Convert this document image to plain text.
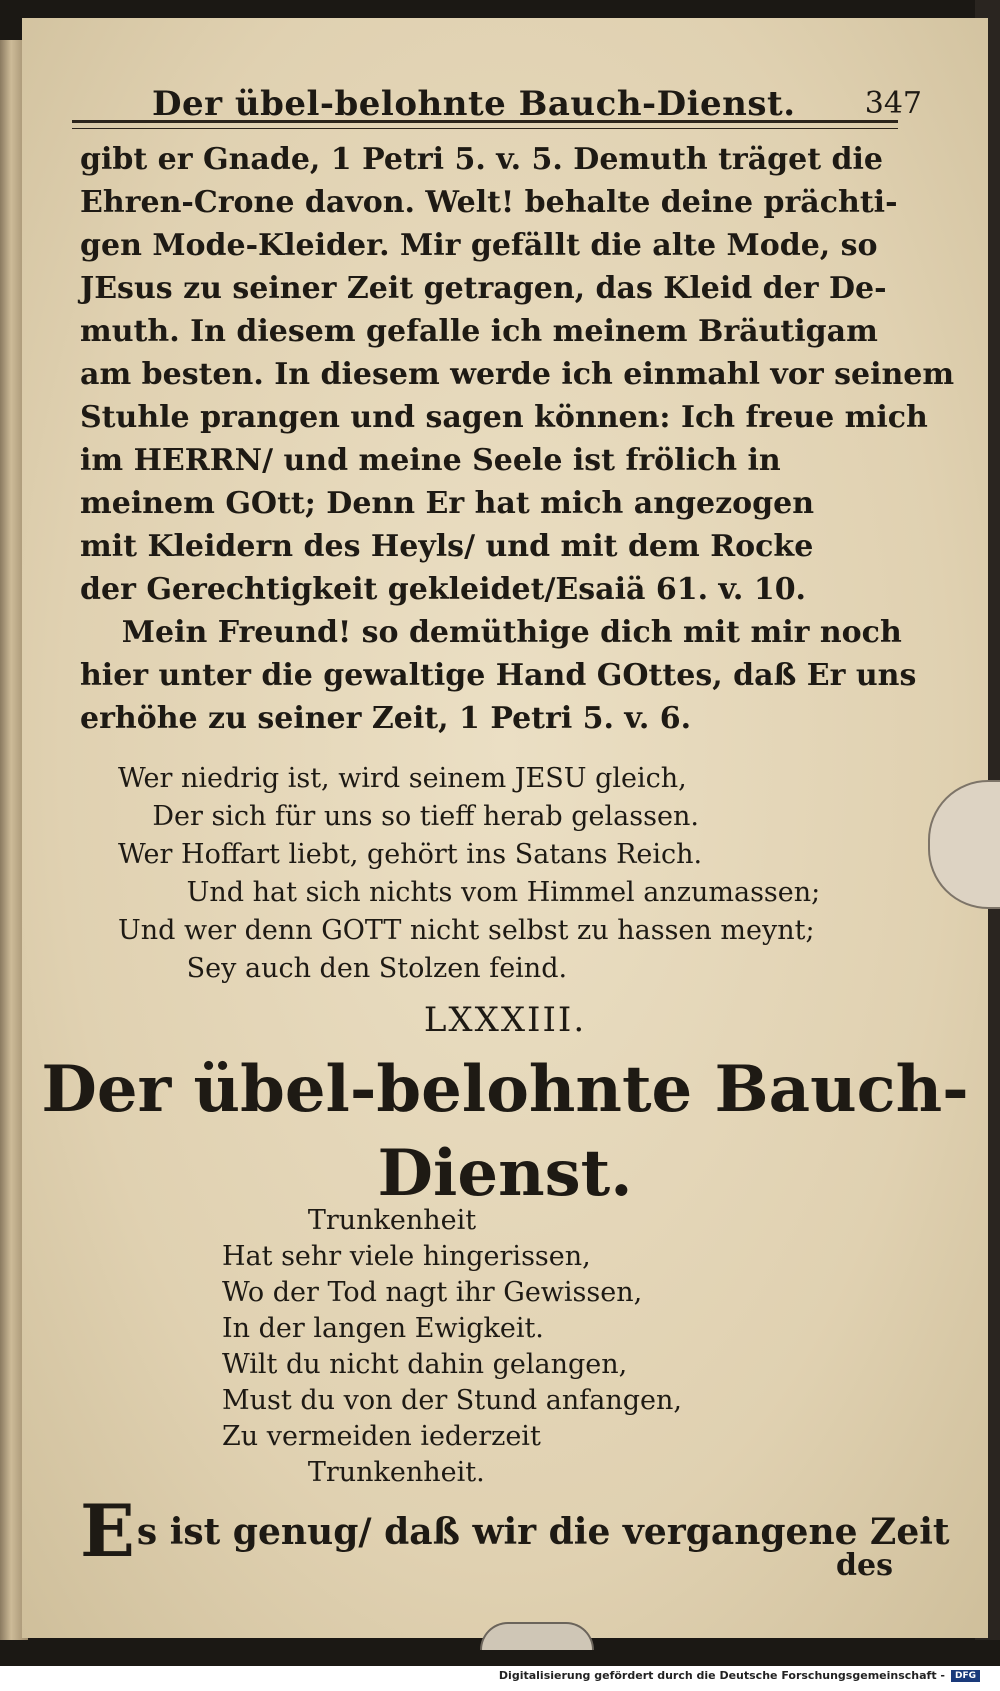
Der übel-belohnte Bauch-Dienst. 347
gibt er Gnade, 1 Petri 5. v. 5. Demuth träget die
Ehren-Crone davon. Welt! behalte deine prächti-
gen Mode-Kleider. Mir gefällt die alte Mode, so
JEsus zu seiner Zeit getragen, das Kleid der De-
muth. In diesem gefalle ich meinem Bräutigam
am besten. In diesem werde ich einmahl vor seinem
Stuhle prangen und sagen können: Ich freue mich
im HERRN/ und meine Seele ist frölich in
meinem GOtt; Denn Er hat mich angezogen
mit Kleidern des Heyls/ und mit dem Rocke
der Gerechtigkeit gekleidet/Esaiä 61. v. 10.
Mein Freund! so demüthige dich mit mir noch
hier unter die gewaltige Hand GOttes, daß Er uns
erhöhe zu seiner Zeit, 1 Petri 5. v. 6.
Wer niedrig ist, wird seinem JESU gleich,
Der sich für uns so tieff herab gelassen.
Wer Hoffart liebt, gehört ins Satans Reich.
Und hat sich nichts vom Himmel anzumassen;
Und wer denn GOTT nicht selbst zu hassen meynt;
Sey auch den Stolzen feind.
LXXXIII.
Der übel-belohnte Bauch-
Dienst.
Trunkenheit
Hat sehr viele hingerissen,
Wo der Tod nagt ihr Gewissen,
In der langen Ewigkeit.
Wilt du nicht dahin gelangen,
Must du von der Stund anfangen,
Zu vermeiden iederzeit
Trunkenheit.
Es ist genug/ daß wir die vergangene Zeit
des
Digitalisierung gefördert durch die Deutsche Forschungsgemeinschaft -	DFG
